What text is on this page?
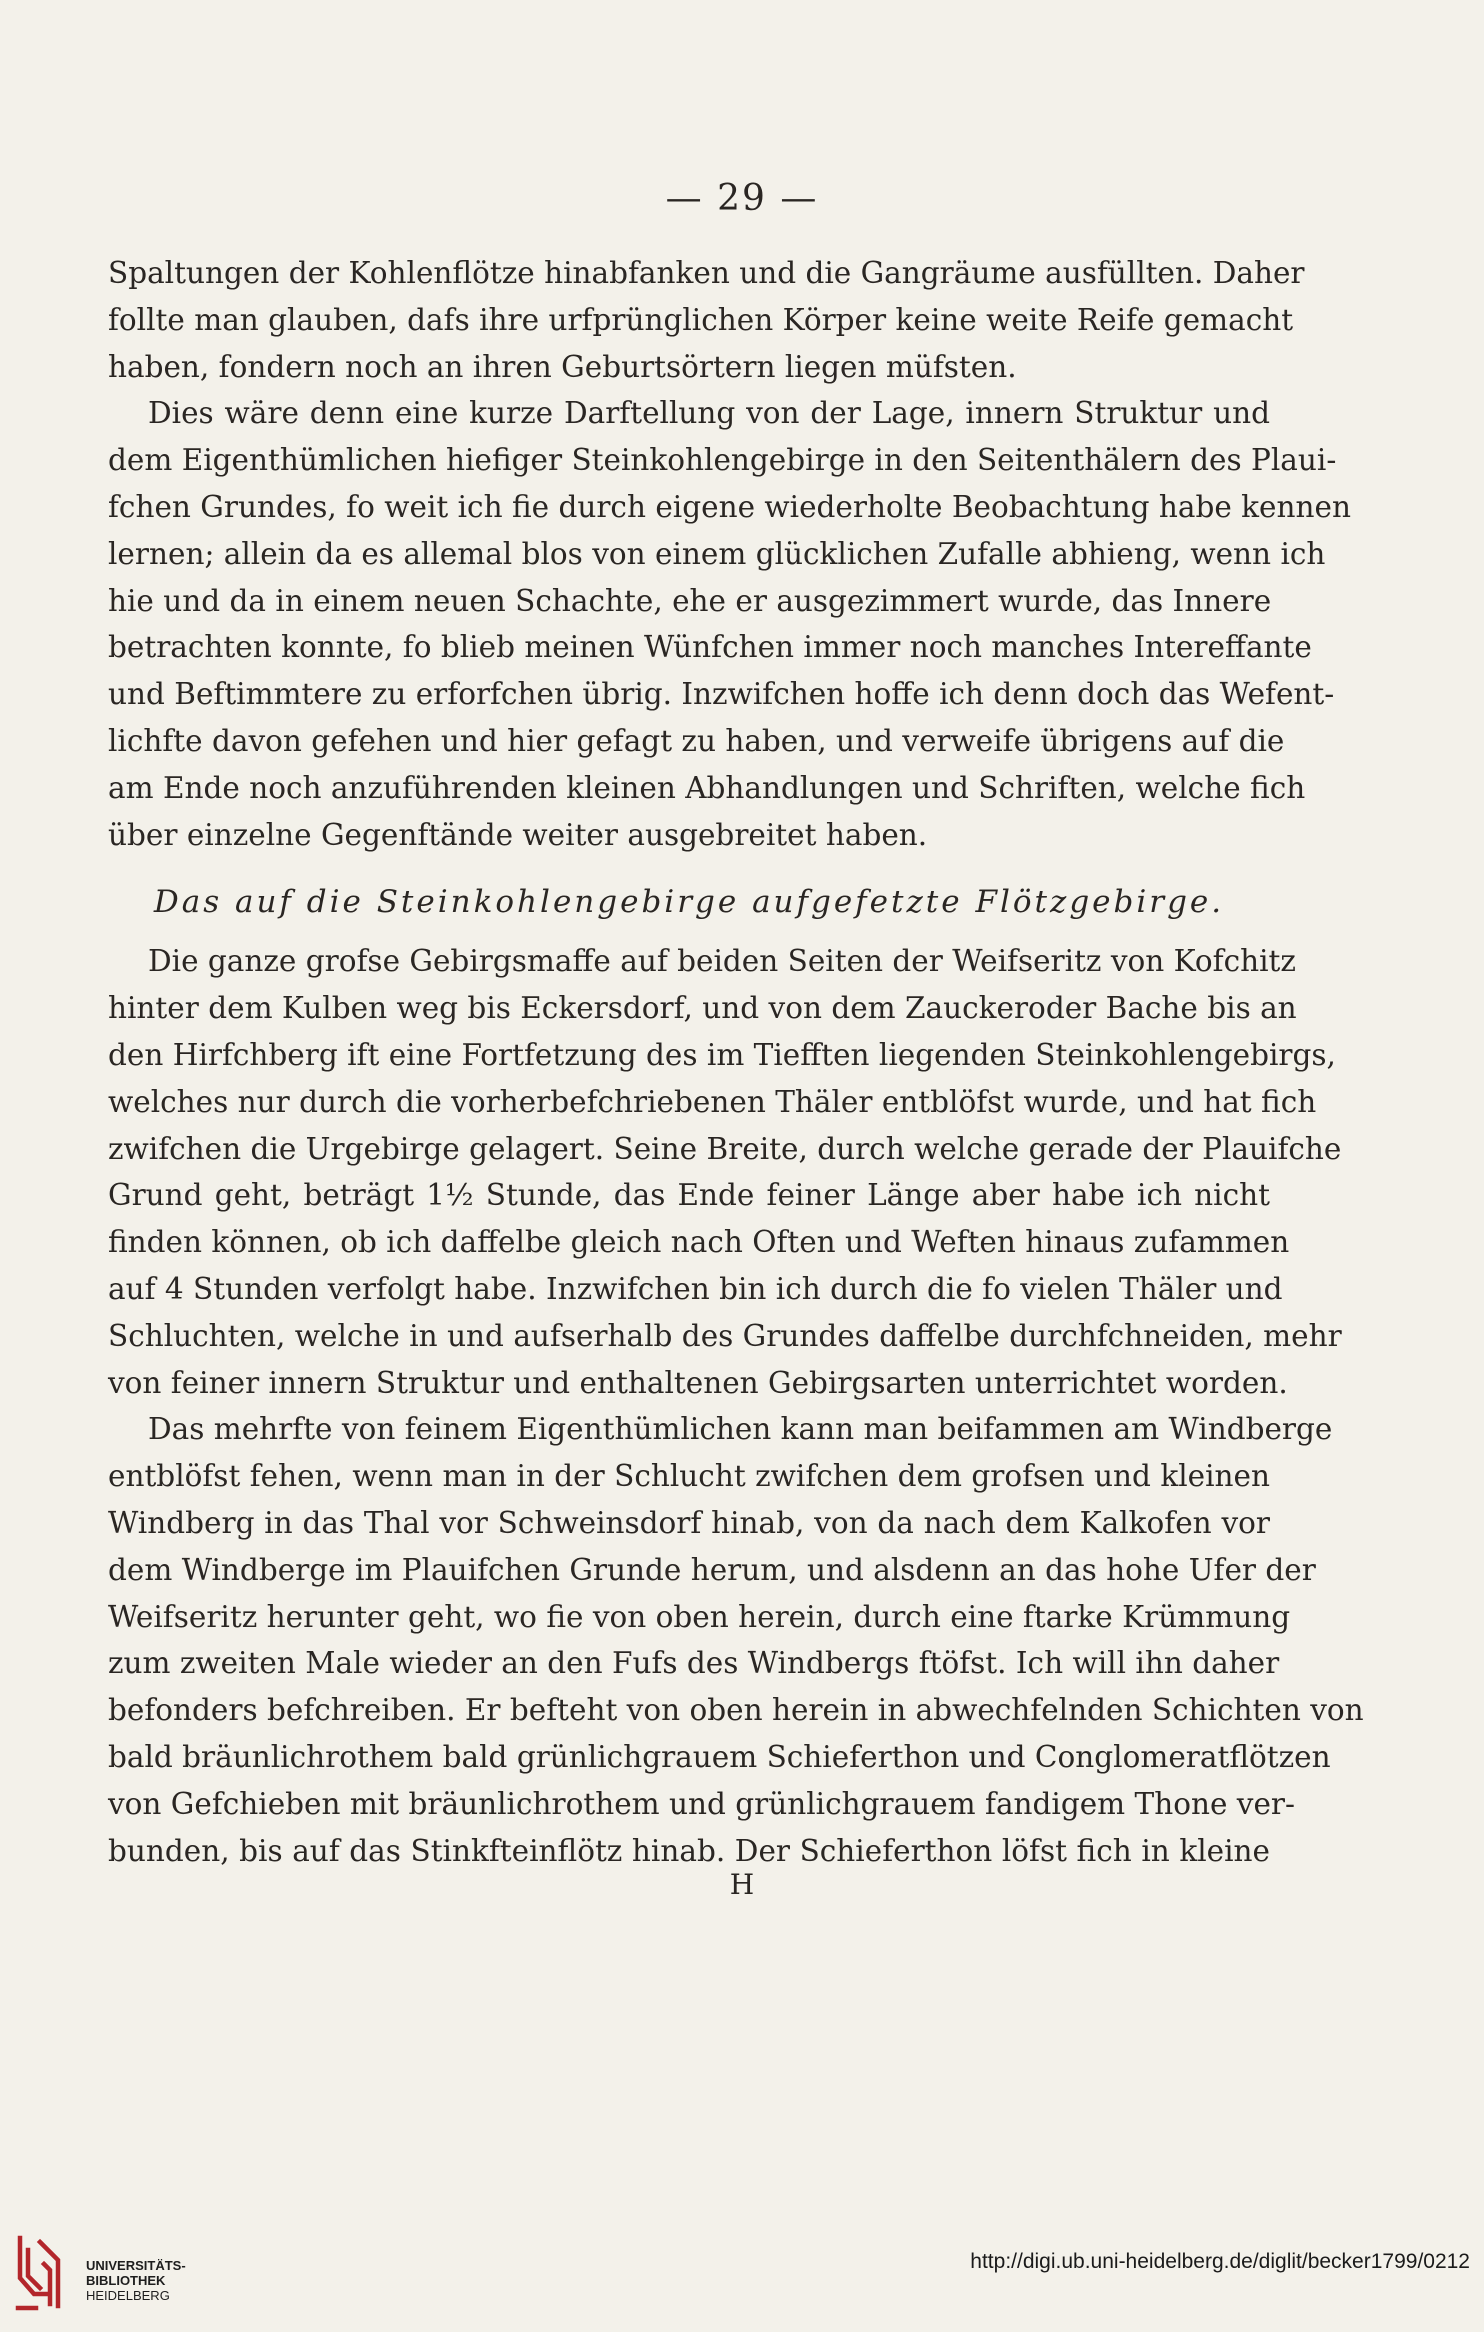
— 29 —
Spaltungen der Kohlenflötze hinabfanken und die Gangräume ausfüllten. Daher
follte man glauben, dafs ihre urfprünglichen Körper keine weite Reife gemacht
haben, fondern noch an ihren Geburtsörtern liegen müfsten.
Dies wäre denn eine kurze Darftellung von der Lage, innern Struktur und
dem Eigenthümlichen hiefiger Steinkohlengebirge in den Seitenthälern des Plaui-
fchen Grundes, fo weit ich fie durch eigene wiederholte Beobachtung habe kennen
lernen; allein da es allemal blos von einem glücklichen Zufalle abhieng, wenn ich
hie und da in einem neuen Schachte, ehe er ausgezimmert wurde, das Innere
betrachten konnte, fo blieb meinen Wünfchen immer noch manches Intereffante
und Beftimmtere zu erforfchen übrig. Inzwifchen hoffe ich denn doch das Wefent-
lichfte davon gefehen und hier gefagt zu haben, und verweife übrigens auf die
am Ende noch anzuführenden kleinen Abhandlungen und Schriften, welche fich
über einzelne Gegenftände weiter ausgebreitet haben.
Das auf die Steinkohlengebirge aufgefetzte Flötzgebirge.
Die ganze grofse Gebirgsmaffe auf beiden Seiten der Weifseritz von Kofchitz
hinter dem Kulben weg bis Eckersdorf, und von dem Zauckeroder Bache bis an
den Hirfchberg ift eine Fortfetzung des im Tiefften liegenden Steinkohlengebirgs,
welches nur durch die vorherbefchriebenen Thäler entblöfst wurde, und hat fich
zwifchen die Urgebirge gelagert. Seine Breite, durch welche gerade der Plauifche
Grund geht, beträgt 1½ Stunde, das Ende feiner Länge aber habe ich nicht
finden können, ob ich daffelbe gleich nach Often und Weften hinaus zufammen
auf 4 Stunden verfolgt habe. Inzwifchen bin ich durch die fo vielen Thäler und
Schluchten, welche in und aufserhalb des Grundes daffelbe durchfchneiden, mehr
von feiner innern Struktur und enthaltenen Gebirgsarten unterrichtet worden.
Das mehrfte von feinem Eigenthümlichen kann man beifammen am Windberge
entblöfst fehen, wenn man in der Schlucht zwifchen dem grofsen und kleinen
Windberg in das Thal vor Schweinsdorf hinab, von da nach dem Kalkofen vor
dem Windberge im Plauifchen Grunde herum, und alsdenn an das hohe Ufer der
Weifseritz herunter geht, wo fie von oben herein, durch eine ftarke Krümmung
zum zweiten Male wieder an den Fufs des Windbergs ftöfst. Ich will ihn daher
befonders befchreiben. Er befteht von oben herein in abwechfelnden Schichten von
bald bräunlichrothem bald grünlichgrauem Schieferthon und Conglomeratflötzen
von Gefchieben mit bräunlichrothem und grünlichgrauem fandigem Thone ver-
bunden, bis auf das Stinkfteinflötz hinab. Der Schieferthon löfst fich in kleine
H
UNIVERSITÄTS-
BIBLIOTHEK
HEIDELBERG
http://digi.ub.uni-heidelberg.de/diglit/becker1799/0212
